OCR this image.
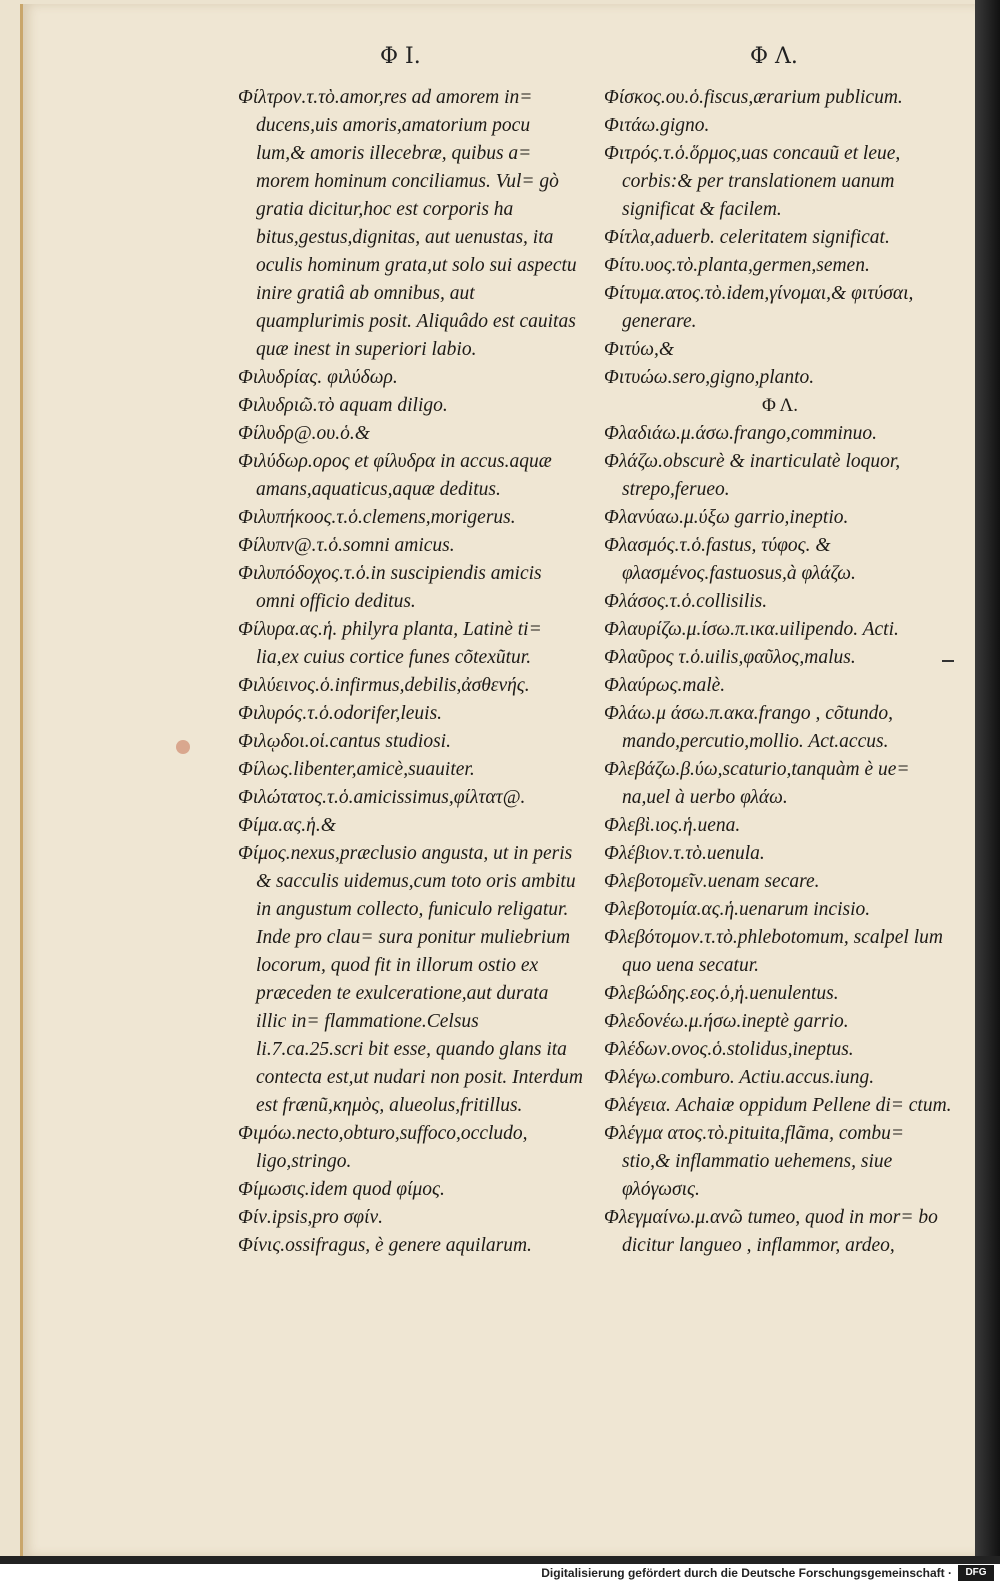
Φ I.	Φ Λ.

Φίλτρον.τ.τὸ.amor,res ad amorem in= ducens,uis amoris,amatorium pocu lum,& amoris illecebræ, quibus a= morem hominum conciliamus. Vul= gò gratia dicitur,hoc est corporis ha bitus,gestus,dignitas, aut uenustas, ita oculis hominum grata,ut solo sui aspectu inire gratiâ ab omnibus, aut quamplurimis posit. Aliquâdo est cauitas quæ inest in superiori labio.

Φιλυδρίας. φιλύδωρ.

Φιλυδριῶ.τὸ aquam diligo.

Φίλυδρ@.ου.ὁ.&

Φιλύδωρ.ορος et φίλυδρα in accus.aquæ amans,aquaticus,aquæ deditus.

Φιλυπήκοος.τ.ὁ.clemens,morigerus.

Φίλυπν@.τ.ὁ.somni amicus.

Φιλυπόδοχος.τ.ὁ.in suscipiendis amicis omni officio deditus.

Φίλυρα.ας.ἡ. philyra planta, Latinè ti= lia,ex cuius cortice funes cõtexũtur.

Φιλύεινος.ὁ.infirmus,debilis,ἀσθενής.

Φιλυρός.τ.ὁ.odorifer,leuis.

Φιλῳδοι.οἱ.cantus studiosi.

Φίλως.libenter,amicè,suauiter.

Φιλώτατος.τ.ὁ.amicissimus,φίλτατ@.

Φίμα.ας.ἡ.&

Φίμος.nexus,præclusio angusta, ut in peris & sacculis uidemus,cum toto oris ambitu in angustum collecto, funiculo religatur. Inde pro clau= sura ponitur muliebrium locorum, quod fit in illorum ostio ex præceden te exulceratione,aut durata illic in= flammatione.Celsus li.7.ca.25.scri bit esse, quando glans ita contecta est,ut nudari non posit. Interdum est frænũ,κημὸς, alueolus,fritillus.

Φιμόω.necto,obturo,suffoco,occludo, ligo,stringo.

Φίμωσις.idem quod φίμος.

Φίν.ipsis,pro σφίν.

Φίνις.ossifragus, è genere aquilarum.

Φίσκος.ου.ὁ.fiscus,ærarium publicum.

Φιτάω.gigno.

Φιτρός.τ.ὁ.ὅρμος,uas concauũ et leue, corbis:& per translationem uanum significat & facilem.

Φίτλα,aduerb. celeritatem significat.

Φίτυ.υος.τὸ.planta,germen,semen.

Φίτυμα.ατος.τὸ.idem,γίνομαι,& φιτύσαι, generare.

Φιτύω,&

Φιτυώω.sero,gigno,planto.

Φ Λ.

Φλαδιάω.μ.άσω.frango,comminuo.

Φλάζω.obscurè & inarticulatè loquor, strepo,ferueo.

Φλανύαω.μ.ύξω garrio,ineptio.

Φλασμός.τ.ὁ.fastus, τύφος. & φλασμένος.fastuosus,à φλάζω.

Φλάσος.τ.ὁ.collisilis.

Φλαυρίζω.μ.ίσω.π.ικα.uilipendo. Acti.

Φλαῦρος τ.ὁ.uilis,φαῦλος,malus.

Φλαύρως.malè.

Φλάω.μ άσω.π.ακα.frango , cõtundo, mando,percutio,mollio. Act.accus.

Φλεβάζω.β.ύω,scaturio,tanquàm è ue= na,uel à uerbo φλάω.

Φλεβὶ.ιος.ἡ.uena.

Φλέβιον.τ.τὸ.uenula.

Φλεβοτομεῖν.uenam secare.

Φλεβοτομία.ας.ἡ.uenarum incisio.

Φλεβότομον.τ.τὸ.phlebotomum, scalpel lum quo uena secatur.

Φλεβώδης.εος.ὁ,ἡ.uenulentus.

Φλεδονέω.μ.ήσω.ineptè garrio.

Φλέδων.ονος.ὁ.stolidus,ineptus.

Φλέγω.comburo. Actiu.accus.iung.

Φλέγεια. Achaiæ oppidum Pellene di= ctum.

Φλέγμα ατος.τὸ.pituita,flãma, combu= stio,& inflammatio uehemens, siue φλόγωσις.

Φλεγμαίνω.μ.ανῶ tumeo, quod in mor= bo dicitur langueo , inflammor, ardeo,

Digitalisierung gefördert durch die Deutsche Forschungsgemeinschaft ·	DFG
